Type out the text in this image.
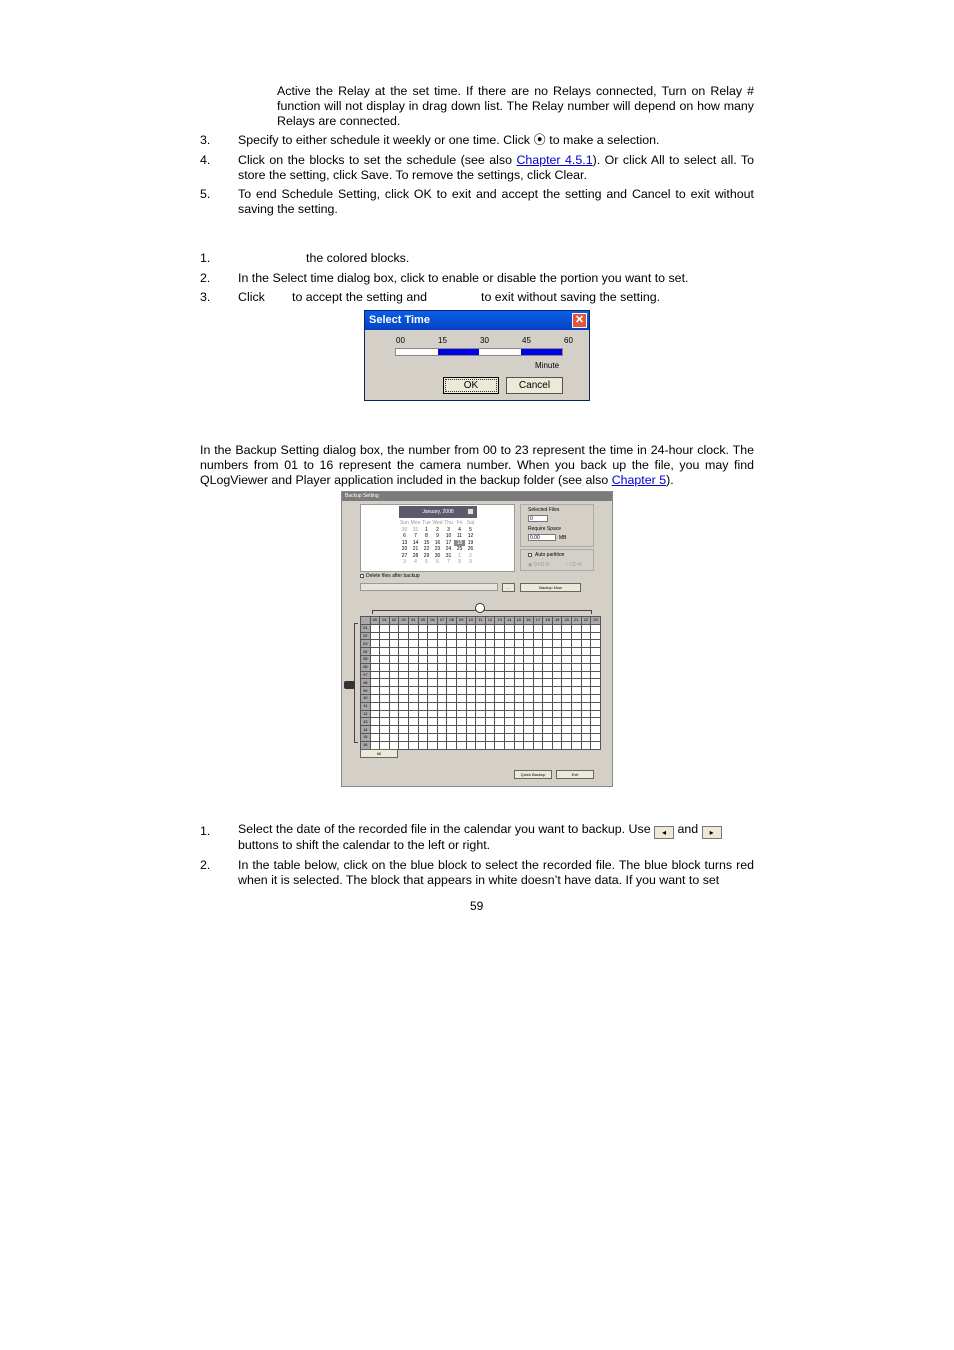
Active the Relay at the set time. If there are no Relays connected, Turn on Relay # function will not display in drag down list. The Relay number will depend on how many Relays are connected.
3. Specify to either schedule it weekly or one time. Click ⦿ to make a selection.
4. Click on the blocks to set the schedule (see also Chapter 4.5.1). Or click All to select all. To store the setting, click Save. To remove the settings, click Clear.
5. To end Schedule Setting, click OK to exit and accept the setting and Cancel to exit without saving the setting.
1.	the colored blocks.
2. In the Select time dialog box, click to enable or disable the portion you want to set.
3. Click to accept the setting and	to exit without saving the setting.
Select Time	✕
00	15	30	45	60
Minute
OK	Cancel
In the Backup Setting dialog box, the number from 00 to 23 represent the time in 24-hour clock. The numbers from 01 to 16 represent the camera number. When you back up the file, you may find QLogViewer and Player application included in the backup folder (see also Chapter 5).
Backup Setting
January, 2008
Sun Mon Tue Wed Thu Fri Sat
30	31	1	2	3	4	5
6	7	8	9	10	11	12
13	14	15	16	17	18	19
20	21	22	23	24	25	26
27	28	29	30	31	1	2
3	4	5	6	7	8	9
Selected Files
0
Require Space
0.00	MB
Auto partition
◉ DVD-R	○ CD-R
Delete files after backup
...	Backup Now
	00	01	02	03	04	05	06	07	08	09	10	11	12	13	14	15	16	17	18	19	20	21	22	23
01																								
02																								
03																								
04																								
05																								
06																								
07																								
08																								
09																								
10																								
11																								
12																								
13																								
14																								
15																								
16																								
All
Quick Backup	Exit
1. Select the date of the recorded file in the calendar you want to backup. Use ◂ and ▸
buttons to shift the calendar to the left or right.
2. In the table below, click on the blue block to select the recorded file. The blue block turns red when it is selected. The block that appears in white doesn’t have data. If you want to set
59
